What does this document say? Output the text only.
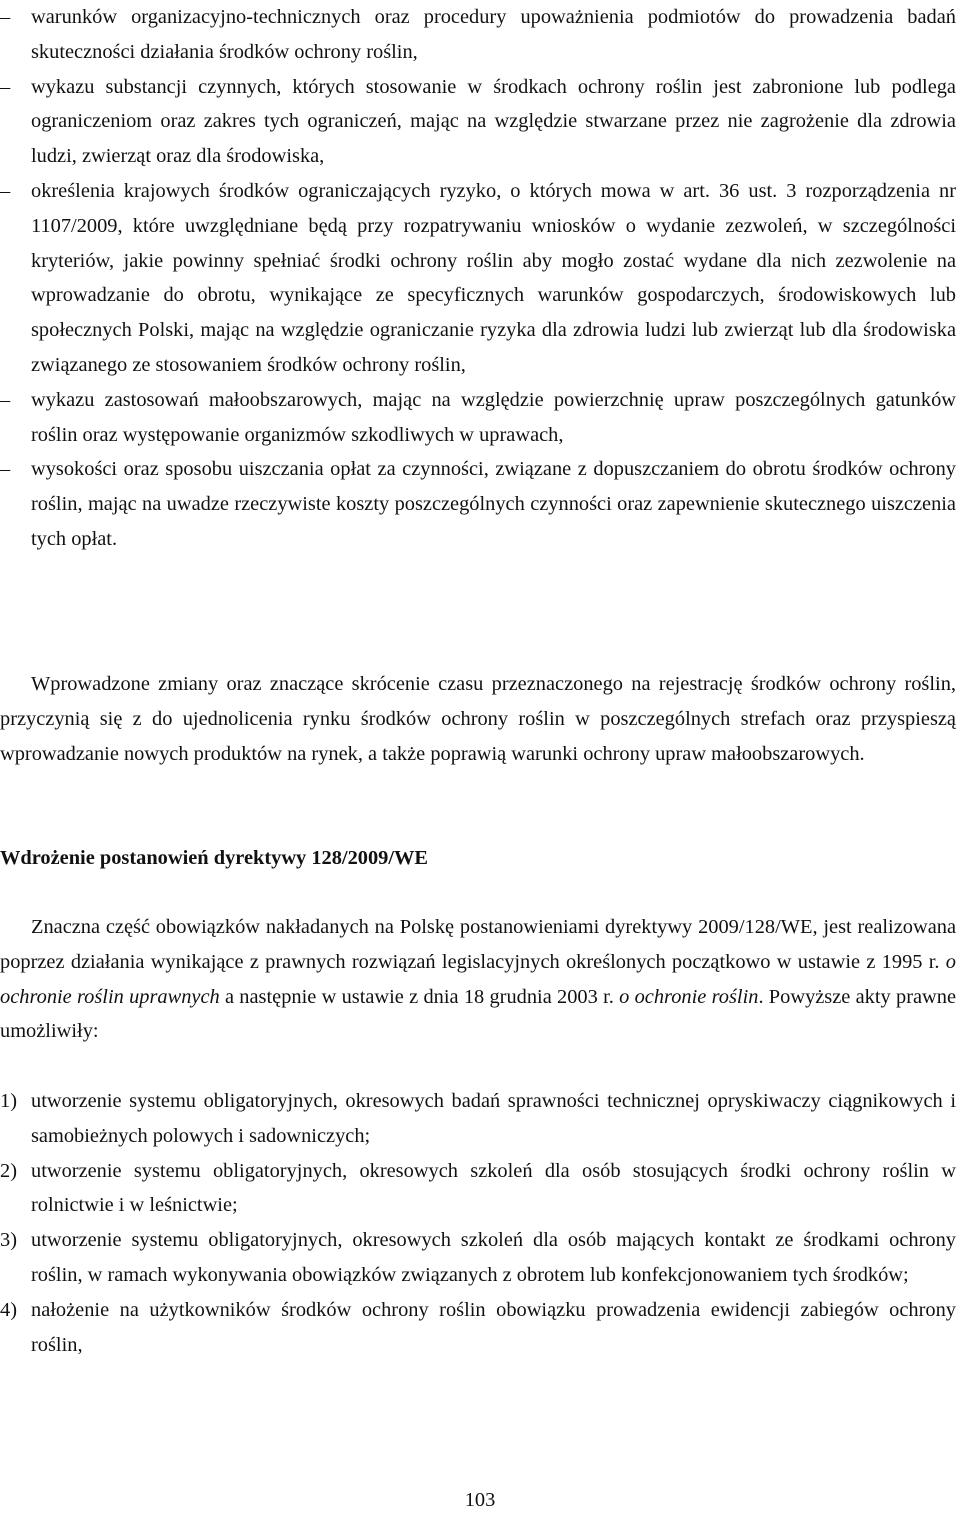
– warunków organizacyjno-technicznych oraz procedury upoważnienia podmiotów do prowadzenia badań skuteczności działania środków ochrony roślin,
– wykazu substancji czynnych, których stosowanie w środkach ochrony roślin jest zabronione lub podlega ograniczeniom oraz zakres tych ograniczeń, mając na względzie stwarzane przez nie zagrożenie dla zdrowia ludzi, zwierząt oraz dla środowiska,
– określenia krajowych środków ograniczających ryzyko, o których mowa w art. 36 ust. 3 rozporządzenia nr 1107/2009, które uwzględniane będą przy rozpatrywaniu wniosków o wydanie zezwoleń, w szczególności kryteriów, jakie powinny spełniać środki ochrony roślin aby mogło zostać wydane dla nich zezwolenie na wprowadzanie do obrotu, wynikające ze specyficznych warunków gospodarczych, środowiskowych lub społecznych Polski, mając na względzie ograniczanie ryzyka dla zdrowia ludzi lub zwierząt lub dla środowiska związanego ze stosowaniem środków ochrony roślin,
– wykazu zastosowań małoobszarowych, mając na względzie powierzchnię upraw poszczególnych gatunków roślin oraz występowanie organizmów szkodliwych w uprawach,
– wysokości oraz sposobu uiszczania opłat za czynności, związane z dopuszczaniem do obrotu środków ochrony roślin, mając na uwadze rzeczywiste koszty poszczególnych czynności oraz zapewnienie skutecznego uiszczenia tych opłat.

Wprowadzone zmiany oraz znaczące skrócenie czasu przeznaczonego na rejestrację środków ochrony roślin, przyczynią się z do ujednolicenia rynku środków ochrony roślin w poszczególnych strefach oraz przyspieszą wprowadzanie nowych produktów na rynek, a także poprawią warunki ochrony upraw małoobszarowych.

Wdrożenie postanowień dyrektywy 128/2009/WE

Znaczna część obowiązków nakładanych na Polskę postanowieniami dyrektywy 2009/128/WE, jest realizowana poprzez działania wynikające z prawnych rozwiązań legislacyjnych określonych początkowo w ustawie z 1995 r. o ochronie roślin uprawnych a następnie w ustawie z dnia 18 grudnia 2003 r. o ochronie roślin. Powyższe akty prawne umożliwiły:

1) utworzenie systemu obligatoryjnych, okresowych badań sprawności technicznej opryskiwaczy ciągnikowych i samobieżnych polowych i sadowniczych;
2) utworzenie systemu obligatoryjnych, okresowych szkoleń dla osób stosujących środki ochrony roślin w rolnictwie i w leśnictwie;
3) utworzenie systemu obligatoryjnych, okresowych szkoleń dla osób mających kontakt ze środkami ochrony roślin, w ramach wykonywania obowiązków związanych z obrotem lub konfekcjonowaniem tych środków;
4) nałożenie na użytkowników środków ochrony roślin obowiązku prowadzenia ewidencji zabiegów ochrony roślin,
103
